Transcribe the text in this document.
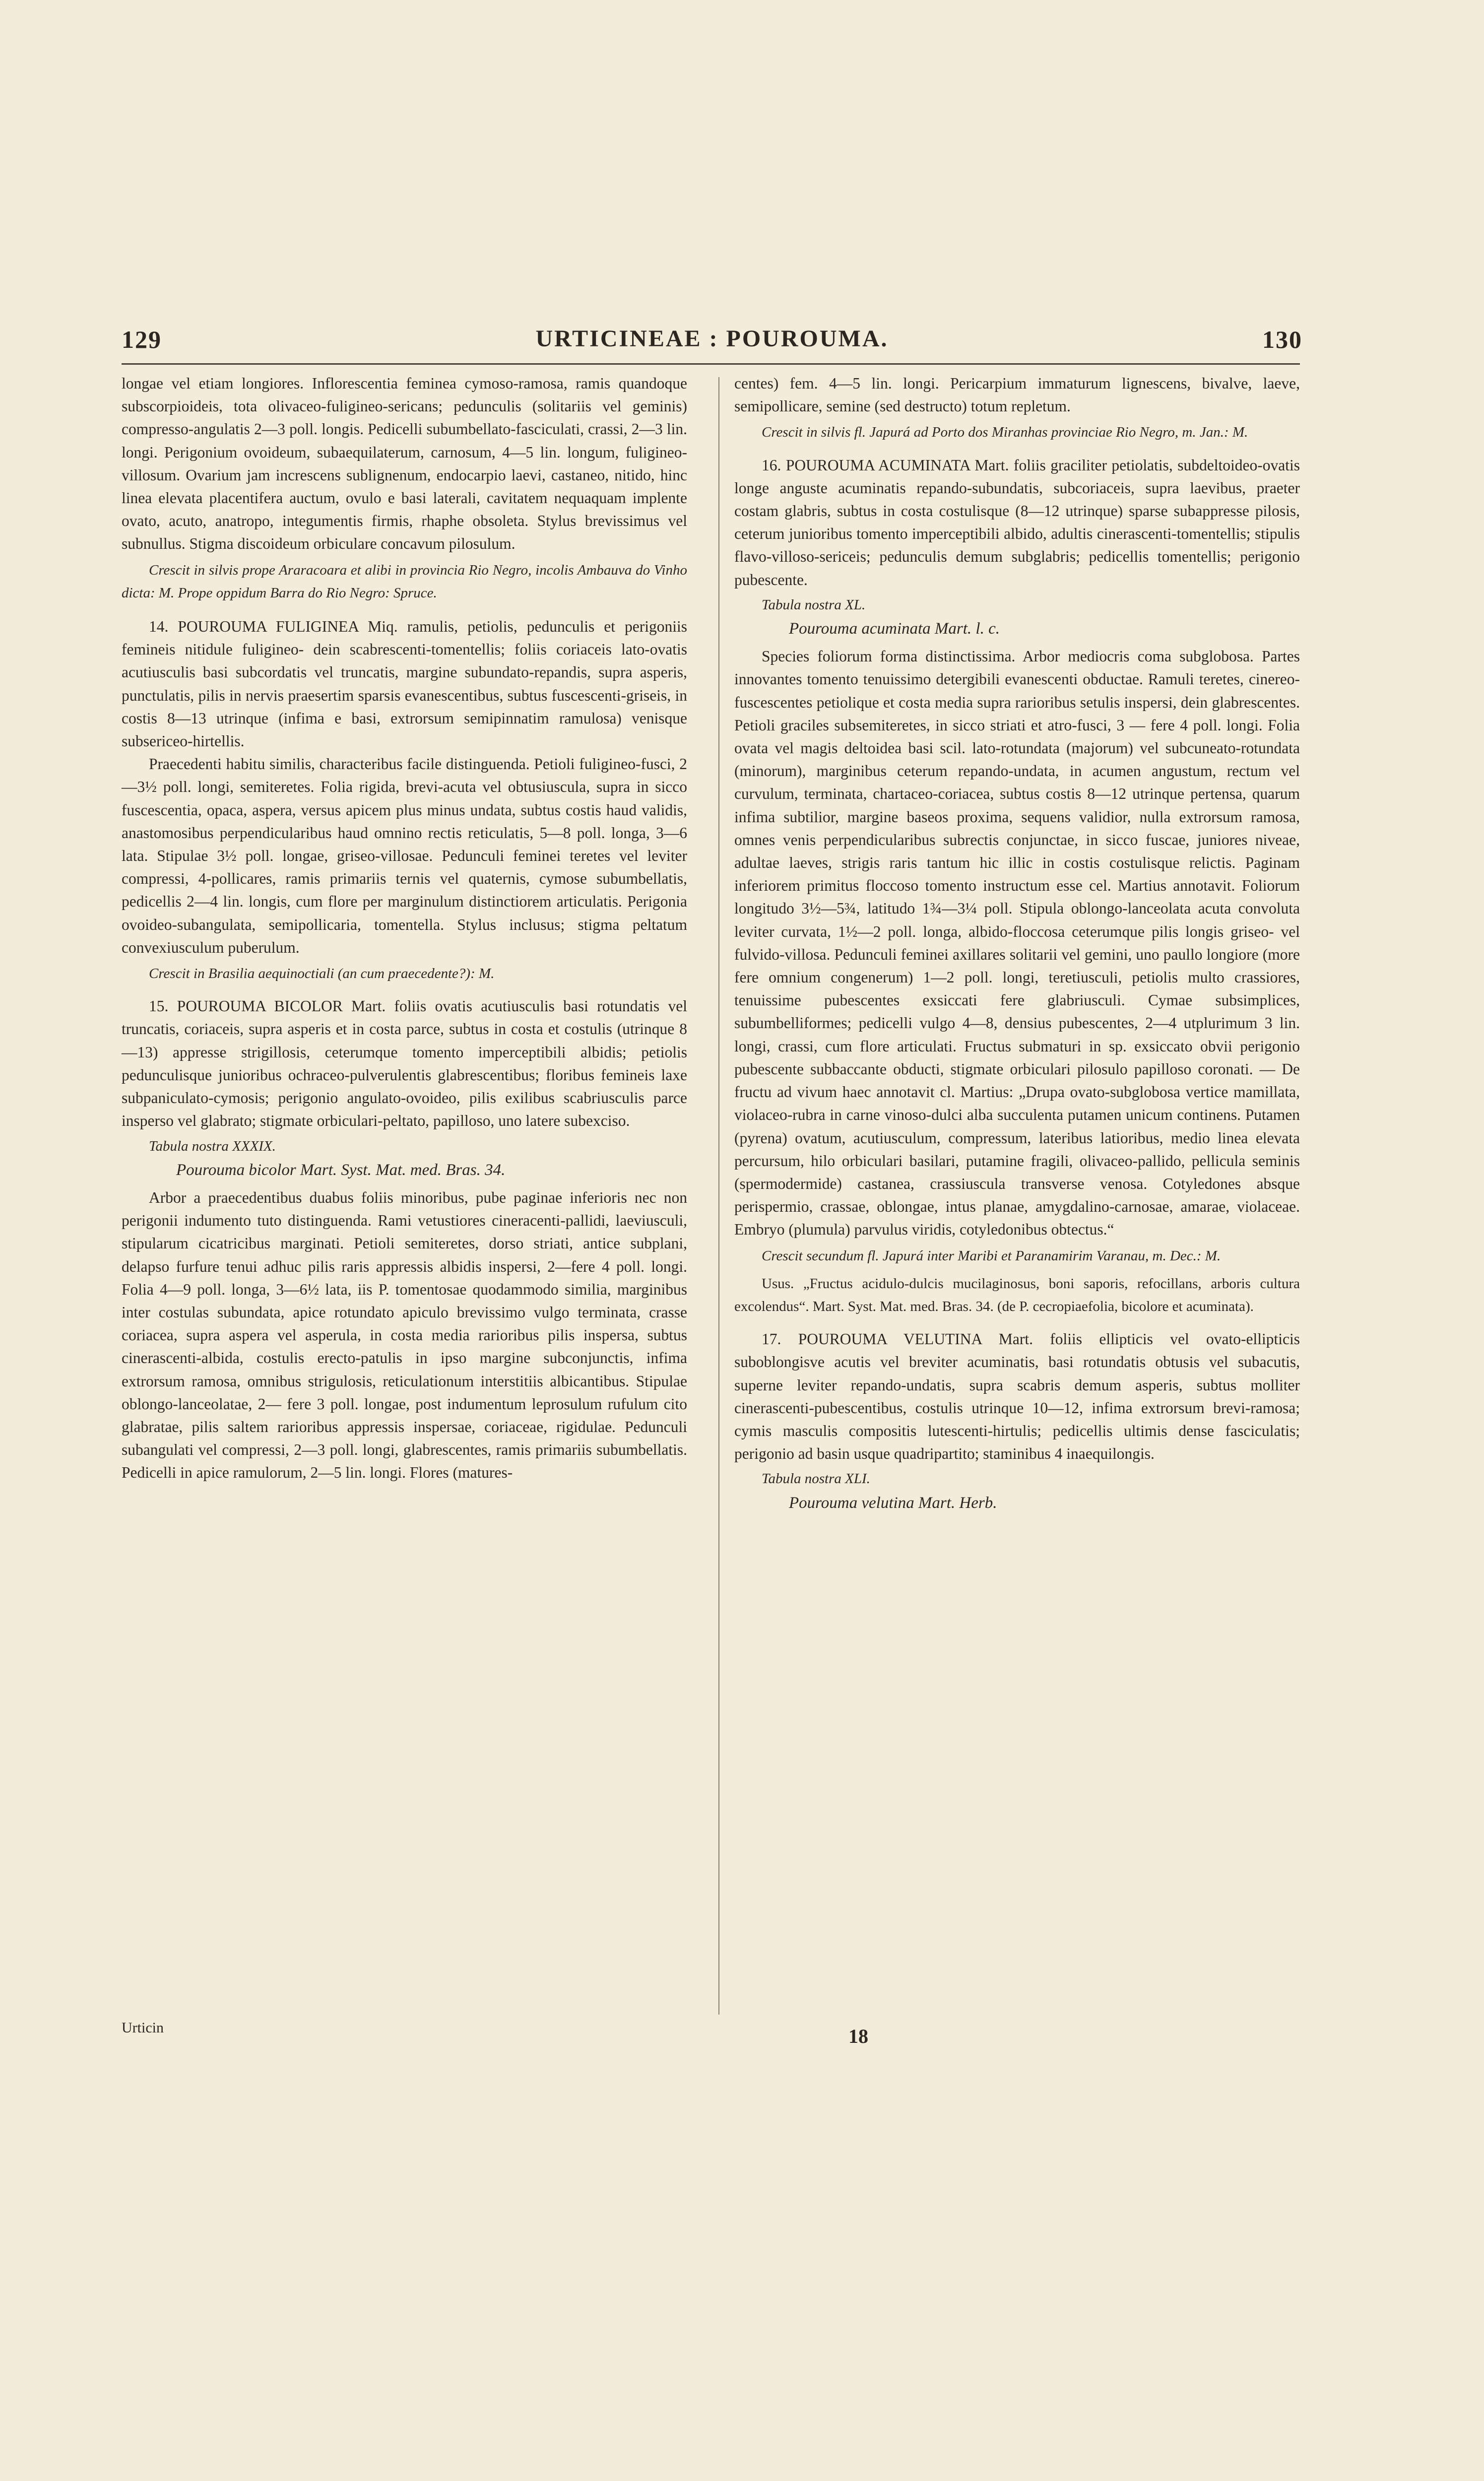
129	URTICINEAE : POUROUMA.	130

longae vel etiam longiores. Inflorescentia feminea cymoso-ramosa, ramis quandoque subscorpioideis, tota olivaceo-fuligineo-sericans; pedunculis (solitariis vel geminis) compresso-angulatis 2—3 poll. longis. Pedicelli subumbellato-fasciculati, crassi, 2—3 lin. longi. Perigonium ovoideum, subaequilaterum, carnosum, 4—5 lin. longum, fuligineo-villosum. Ovarium jam increscens sublignenum, endocarpio laevi, castaneo, nitido, hinc linea elevata placentifera auctum, ovulo e basi laterali, cavitatem nequaquam implente ovato, acuto, anatropo, integumentis firmis, rhaphe obsoleta. Stylus brevissimus vel subnullus. Stigma discoideum orbiculare concavum pilosulum.

Crescit in silvis prope Araracoara et alibi in provincia Rio Negro, incolis Ambauva do Vinho dicta: M. Prope oppidum Barra do Rio Negro: Spruce.

14. POUROUMA FULIGINEA Miq. ramulis, petiolis, pedunculis et perigoniis femineis nitidule fuligineo- dein scabrescenti-tomentellis; foliis coriaceis lato-ovatis acutiusculis basi subcordatis vel truncatis, margine subundato-repandis, supra asperis, punctulatis, pilis in nervis praesertim sparsis evanescentibus, subtus fuscescenti-griseis, in costis 8—13 utrinque (infima e basi, extrorsum semipinnatim ramulosa) venisque subsericeo-hirtellis.

Praecedenti habitu similis, characteribus facile distinguenda. Petioli fuligineo-fusci, 2—3½ poll. longi, semiteretes. Folia rigida, brevi-acuta vel obtusiuscula, supra in sicco fuscescentia, opaca, aspera, versus apicem plus minus undata, subtus costis haud validis, anastomosibus perpendicularibus haud omnino rectis reticulatis, 5—8 poll. longa, 3—6 lata. Stipulae 3½ poll. longae, griseo-villosae. Pedunculi feminei teretes vel leviter compressi, 4-pollicares, ramis primariis ternis vel quaternis, cymose subumbellatis, pedicellis 2—4 lin. longis, cum flore per marginulum distinctiorem articulatis. Perigonia ovoideo-subangulata, semipollicaria, tomentella. Stylus inclusus; stigma peltatum convexiusculum puberulum.

Crescit in Brasilia aequinoctiali (an cum praecedente?): M.

15. POUROUMA BICOLOR Mart. foliis ovatis acutiusculis basi rotundatis vel truncatis, coriaceis, supra asperis et in costa parce, subtus in costa et costulis (utrinque 8—13) appresse strigillosis, ceterumque tomento imperceptibili albidis; petiolis pedunculisque junioribus ochraceo-pulverulentis glabrescentibus; floribus femineis laxe subpaniculato-cymosis; perigonio angulato-ovoideo, pilis exilibus scabriusculis parce insperso vel glabrato; stigmate orbiculari-peltato, papilloso, uno latere subexciso.

Tabula nostra XXXIX.

Pourouma bicolor Mart. Syst. Mat. med. Bras. 34.

Arbor a praecedentibus duabus foliis minoribus, pube paginae inferioris nec non perigonii indumento tuto distinguenda. Rami vetustiores cineracenti-pallidi, laeviusculi, stipularum cicatricibus marginati. Petioli semiteretes, dorso striati, antice subplani, delapso furfure tenui adhuc pilis raris appressis albidis inspersi, 2—fere 4 poll. longi. Folia 4—9 poll. longa, 3—6½ lata, iis P. tomentosae quodammodo similia, marginibus inter costulas subundata, apice rotundato apiculo brevissimo vulgo terminata, crasse coriacea, supra aspera vel asperula, in costa media rarioribus pilis inspersa, subtus cinerascenti-albida, costulis erecto-patulis in ipso margine subconjunctis, infima extrorsum ramosa, omnibus strigulosis, reticulationum interstitiis albicantibus. Stipulae oblongo-lanceolatae, 2— fere 3 poll. longae, post indumentum leprosulum rufulum cito glabratae, pilis saltem rarioribus appressis inspersae, coriaceae, rigidulae. Pedunculi subangulati vel compressi, 2—3 poll. longi, glabrescentes, ramis primariis subumbellatis. Pedicelli in apice ramulorum, 2—5 lin. longi. Flores (matures-

centes) fem. 4—5 lin. longi. Pericarpium immaturum lignescens, bivalve, laeve, semipollicare, semine (sed destructo) totum repletum.

Crescit in silvis fl. Japurá ad Porto dos Miranhas provinciae Rio Negro, m. Jan.: M.

16. POUROUMA ACUMINATA Mart. foliis graciliter petiolatis, subdeltoideo-ovatis longe anguste acuminatis repando-subundatis, subcoriaceis, supra laevibus, praeter costam glabris, subtus in costa costulisque (8—12 utrinque) sparse subappresse pilosis, ceterum junioribus tomento imperceptibili albido, adultis cinerascenti-tomentellis; stipulis flavo-villoso-sericeis; pedunculis demum subglabris; pedicellis tomentellis; perigonio pubescente.

Tabula nostra XL.

Pourouma acuminata Mart. l. c.

Species foliorum forma distinctissima. Arbor mediocris coma subglobosa. Partes innovantes tomento tenuissimo detergibili evanescenti obductae. Ramuli teretes, cinereo-fuscescentes petiolique et costa media supra rarioribus setulis inspersi, dein glabrescentes. Petioli graciles subsemiteretes, in sicco striati et atro-fusci, 3 — fere 4 poll. longi. Folia ovata vel magis deltoidea basi scil. lato-rotundata (majorum) vel subcuneato-rotundata (minorum), marginibus ceterum repando-undata, in acumen angustum, rectum vel curvulum, terminata, chartaceo-coriacea, subtus costis 8—12 utrinque pertensa, quarum infima subtilior, margine baseos proxima, sequens validior, nulla extrorsum ramosa, omnes venis perpendicularibus subrectis conjunctae, in sicco fuscae, juniores niveae, adultae laeves, strigis raris tantum hic illic in costis costulisque relictis. Paginam inferiorem primitus floccoso tomento instructum esse cel. Martius annotavit. Foliorum longitudo 3½—5¾, latitudo 1¾—3¼ poll. Stipula oblongo-lanceolata acuta convoluta leviter curvata, 1½—2 poll. longa, albido-floccosa ceterumque pilis longis griseo- vel fulvido-villosa. Pedunculi feminei axillares solitarii vel gemini, uno paullo longiore (more fere omnium congenerum) 1—2 poll. longi, teretiusculi, petiolis multo crassiores, tenuissime pubescentes exsiccati fere glabriusculi. Cymae subsimplices, subumbelliformes; pedicelli vulgo 4—8, densius pubescentes, 2—4 utplurimum 3 lin. longi, crassi, cum flore articulati. Fructus submaturi in sp. exsiccato obvii perigonio pubescente subbaccante obducti, stigmate orbiculari pilosulo papilloso coronati. — De fructu ad vivum haec annotavit cl. Martius: „Drupa ovato-subglobosa vertice mamillata, violaceo-rubra in carne vinoso-dulci alba succulenta putamen unicum continens. Putamen (pyrena) ovatum, acutiusculum, compressum, lateribus latioribus, medio linea elevata percursum, hilo orbiculari basilari, putamine fragili, olivaceo-pallido, pellicula seminis (spermodermide) castanea, crassiuscula transverse venosa. Cotyledones absque perispermio, crassae, oblongae, intus planae, amygdalino-carnosae, amarae, violaceae. Embryo (plumula) parvulus viridis, cotyledonibus obtectus.“

Crescit secundum fl. Japurá inter Maribi et Paranamirim Varanau, m. Dec.: M.

Usus. „Fructus acidulo-dulcis mucilaginosus, boni saporis, refocillans, arboris cultura excolendus“. Mart. Syst. Mat. med. Bras. 34. (de P. cecropiaefolia, bicolore et acuminata).

17. POUROUMA VELUTINA Mart. foliis ellipticis vel ovato-ellipticis suboblongisve acutis vel breviter acuminatis, basi rotundatis obtusis vel subacutis, superne leviter repando-undatis, supra scabris demum asperis, subtus molliter cinerascenti-pubescentibus, costulis utrinque 10—12, infima extrorsum brevi-ramosa; cymis masculis compositis lutescenti-hirtulis; pedicellis ultimis dense fasciculatis; perigonio ad basin usque quadripartito; staminibus 4 inaequilongis.

Tabula nostra XLI.

Pourouma velutina Mart. Herb.

Urticin	18
